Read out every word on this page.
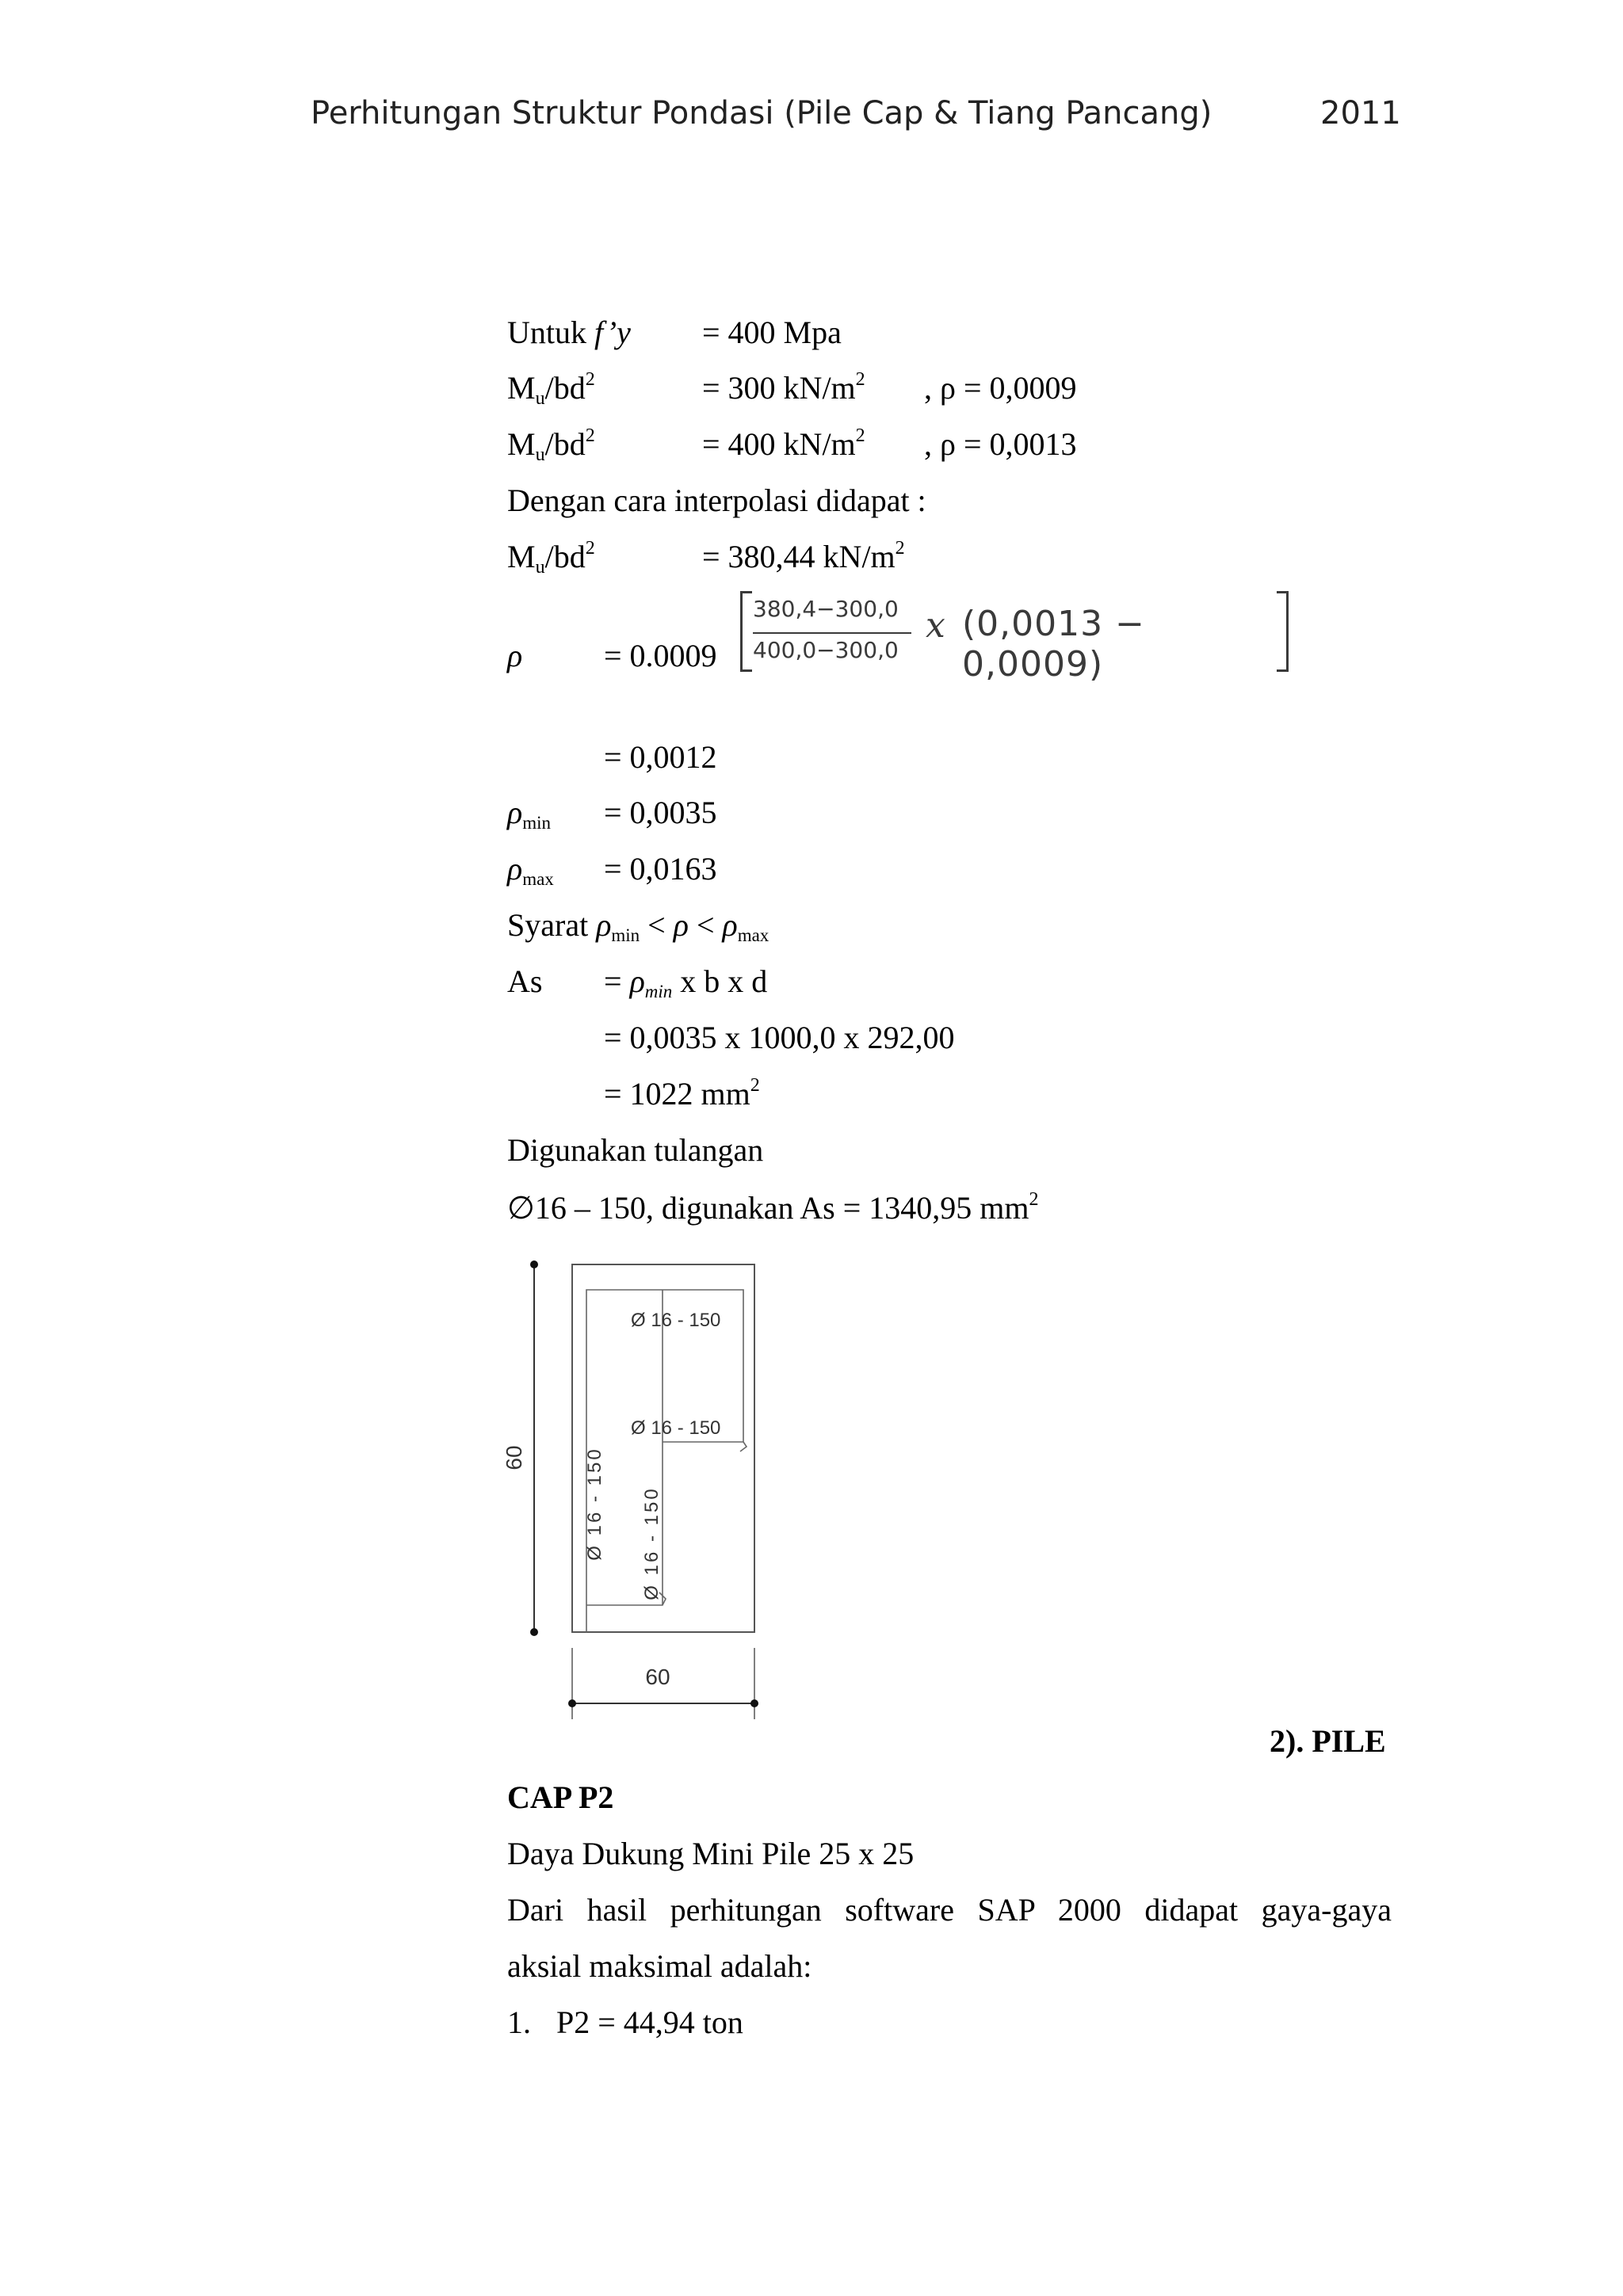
Perhitungan Struktur Pondasi (Pile Cap & Tiang Pancang)	2011
Untuk f’y = 400 Mpa
$M_u/bd^2$	= 300 $kN/m^2$ , ρ = 0,0009
$M_u/bd^2$	= 400 $kN/m^2$ , ρ = 0,0013
Dengan cara interpolasi didapat :
$M_u/bd^2$	= 380,44 $kN/m^2$
ρ	= 0.0009
380,4−300,0
400,0−300,0
x (0,0013 − 0,0009)
= 0,0012
ρmin = 0,0035
ρmax = 0,0163
Syarat ρmin < ρ < ρmax
As = ρmin x b x d
= 0,0035 x 1000,0 x 292,00
= 1022 $mm^2$
Digunakan tulangan
∅16 – 150, digunakan As = 1340,95 $mm^2$
60
Ø 16 - 150
Ø 16 - 150
Ø 16 - 150 Ø 16 - 150
60
2). PILE
CAP P2
Daya Dukung Mini Pile 25 x 25
Dari hasil perhitungan software SAP 2000 didapat gaya-gaya
aksial maksimal adalah:
1. P2 = 44,94 ton
